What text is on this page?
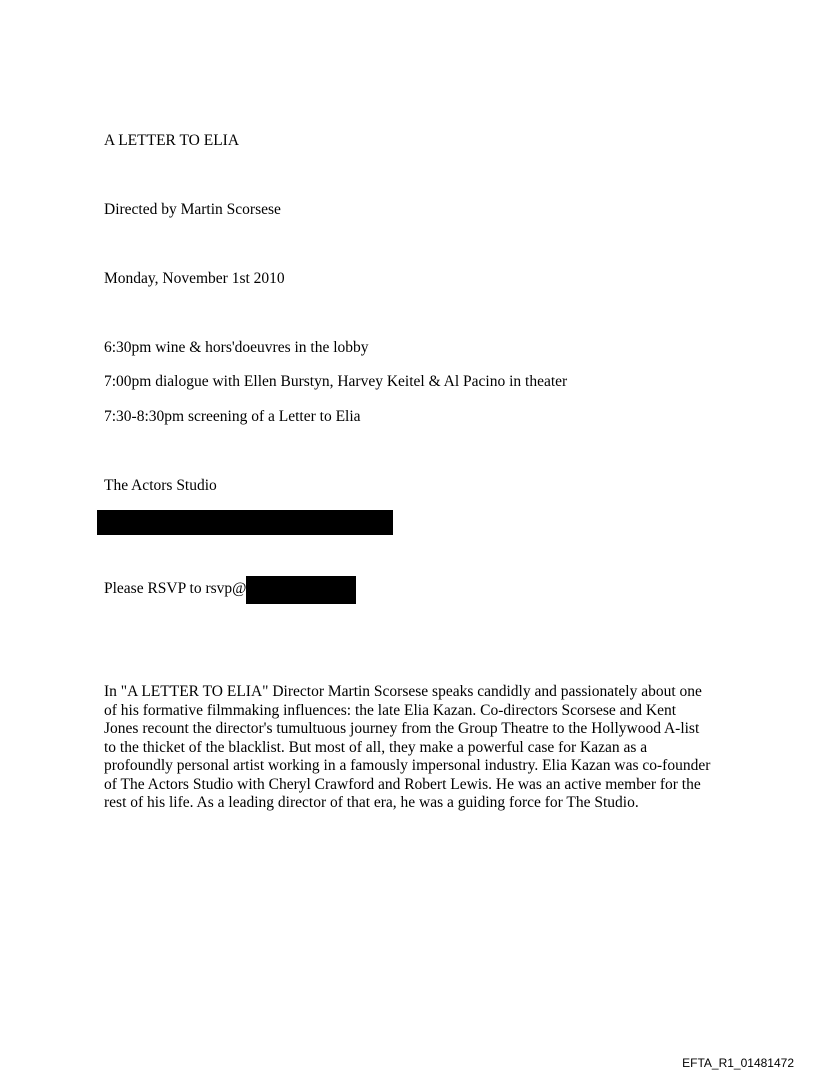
A LETTER TO ELIA
Directed by Martin Scorsese
Monday, November 1st 2010
6:30pm wine & hors'doeuvres in the lobby
7:00pm dialogue with Ellen Burstyn, Harvey Keitel & Al Pacino in theater
7:30-8:30pm screening of a Letter to Elia
The Actors Studio
Please RSVP to rsvp@
In "A LETTER TO ELIA" Director Martin Scorsese speaks candidly and passionately about one of his formative filmmaking influences: the late Elia Kazan. Co-directors Scorsese and Kent Jones recount the director's tumultuous journey from the Group Theatre to the Hollywood A-list to the thicket of the blacklist. But most of all, they make a powerful case for Kazan as a profoundly personal artist working in a famously impersonal industry. Elia Kazan was co-founder of The Actors Studio with Cheryl Crawford and Robert Lewis. He was an active member for the rest of his life. As a leading director of that era, he was a guiding force for The Studio.
EFTA_R1_01481472
